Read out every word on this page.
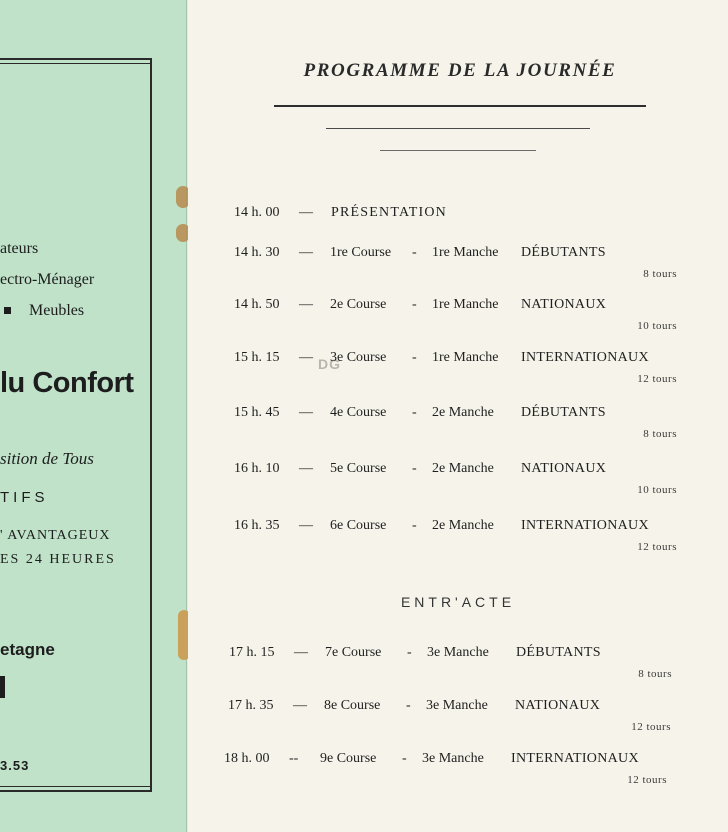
ateurs
ectro-Ménager
Meubles
lu Confort
sition de Tous
TIFS
' AVANTAGEUX
ES 24 HEURES
etagne
3.53
PROGRAMME DE LA JOURNÉE
DG
14 h. 00 — PRÉSENTATION
14 h. 30 — 1re Course - 1re Manche DÉBUTANTS
8 tours
14 h. 50 — 2e Course - 1re Manche NATIONAUX
10 tours
15 h. 15 — 3e Course - 1re Manche INTERNATIONAUX
12 tours
15 h. 45 — 4e Course - 2e Manche DÉBUTANTS
8 tours
16 h. 10 — 5e Course - 2e Manche NATIONAUX
10 tours
16 h. 35 — 6e Course - 2e Manche INTERNATIONAUX
12 tours
17 h. 15 — 7e Course - 3e Manche DÉBUTANTS
8 tours
17 h. 35 — 8e Course - 3e Manche NATIONAUX
12 tours
18 h. 00 -- 9e Course - 3e Manche INTERNATIONAUX
12 tours
ENTR'ACTE
